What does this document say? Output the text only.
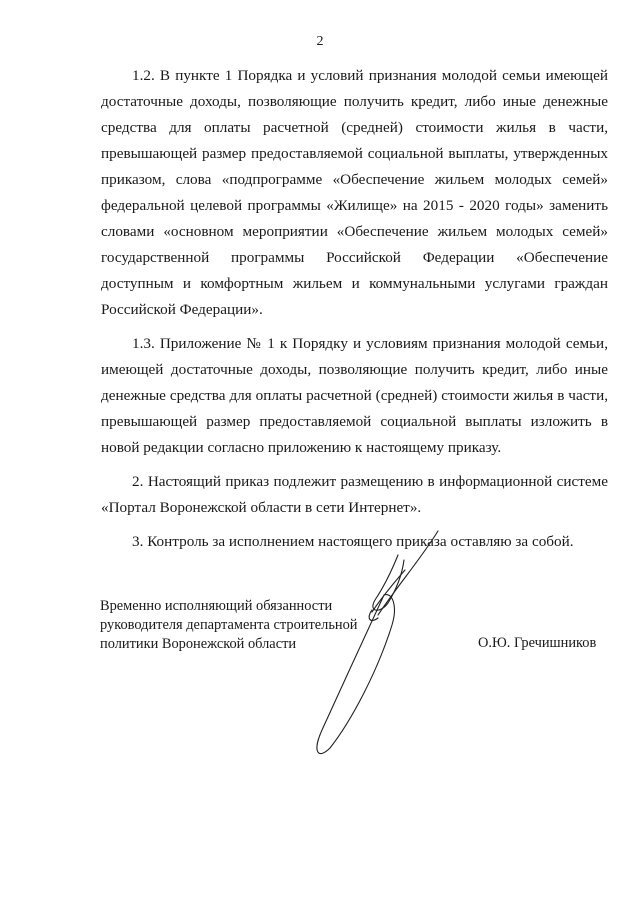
2

1.2. В пункте 1 Порядка и условий признания молодой семьи имеющей достаточные доходы, позволяющие получить кредит, либо иные денежные средства для оплаты расчетной (средней) стоимости жилья в части, превышающей размер предоставляемой социальной выплаты, утвержденных приказом, слова «подпрограмме «Обеспечение жильем молодых семей» федеральной целевой программы «Жилище» на 2015 - 2020 годы» заменить словами «основном мероприятии «Обеспечение жильем молодых семей» государственной программы Российской Федерации «Обеспечение доступным и комфортным жильем и коммунальными услугами граждан Российской Федерации».

1.3. Приложение № 1 к Порядку и условиям признания молодой семьи, имеющей достаточные доходы, позволяющие получить кредит, либо иные денежные средства для оплаты расчетной (средней) стоимости жилья в части, превышающей размер предоставляемой социальной выплаты изложить в новой редакции согласно приложению к настоящему приказу.

2. Настоящий приказ подлежит размещению в информационной системе «Портал Воронежской области в сети Интернет».

3. Контроль за исполнением настоящего приказа оставляю за собой.

Временно исполняющий обязанности
руководителя департамента строительной
политики Воронежской области	О.Ю. Гречишников
